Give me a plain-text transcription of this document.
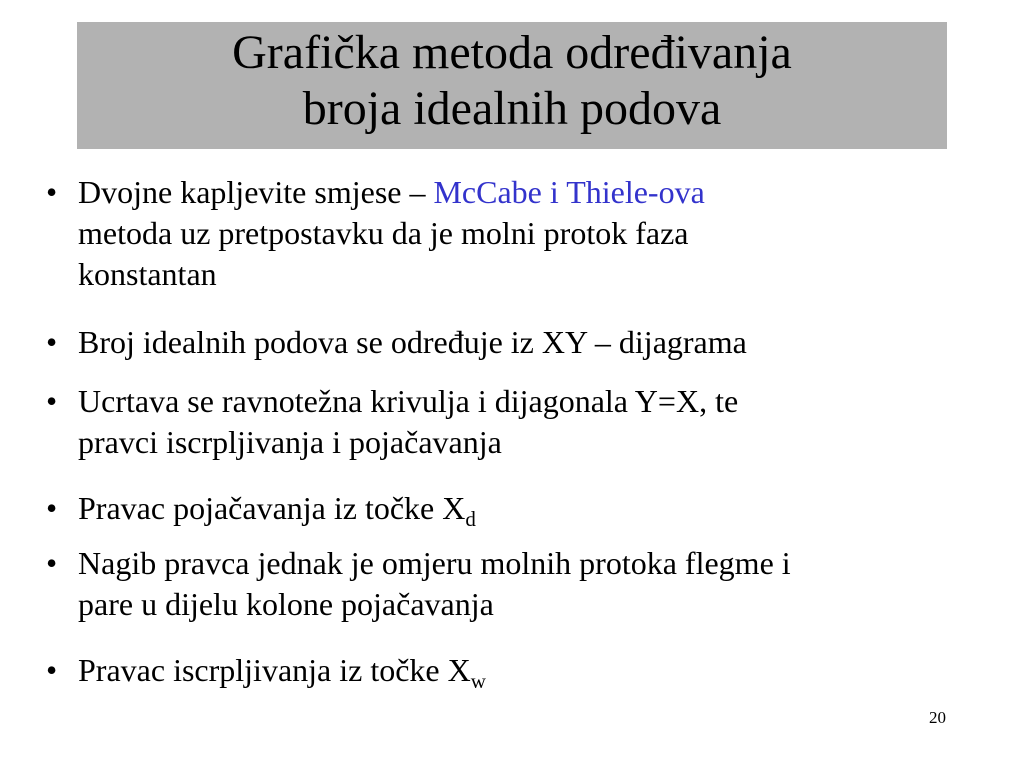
Grafička metoda određivanja
broja idealnih podova
• Dvojne kapljevite smjese – McCabe i Thiele-ova
metoda uz pretpostavku da je molni protok faza
konstantan
• Broj idealnih podova se određuje iz XY – dijagrama
• Ucrtava se ravnotežna krivulja i dijagonala Y=X, te
pravci iscrpljivanja i pojačavanja
• Pravac pojačavanja iz točke $X_d$
• Nagib pravca jednak je omjeru molnih protoka flegme i
pare u dijelu kolone pojačavanja
• Pravac iscrpljivanja iz točke $X_w$
20
